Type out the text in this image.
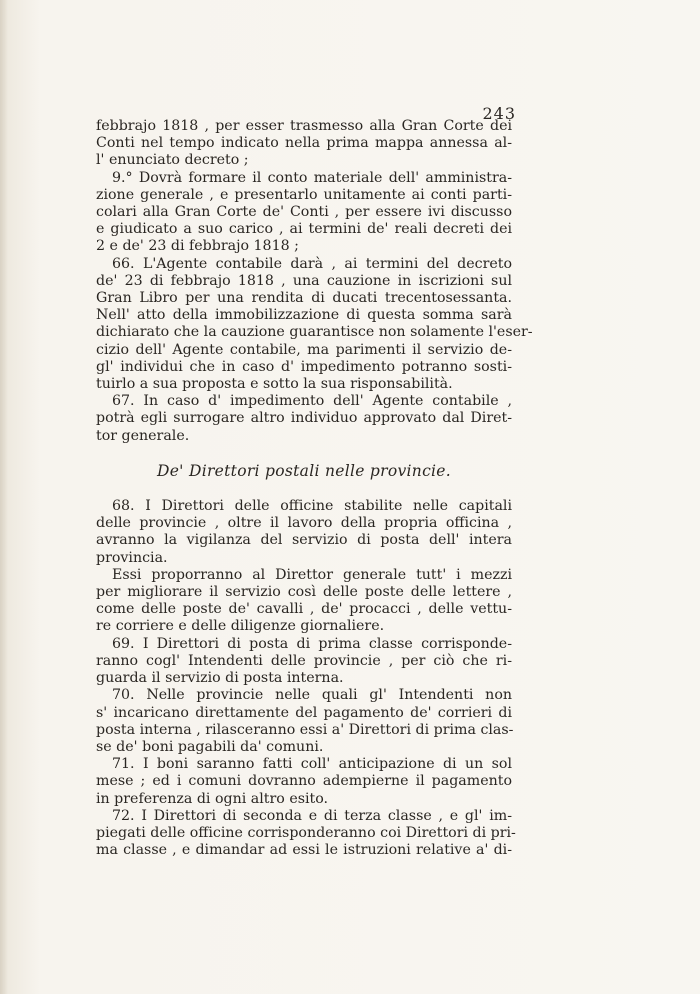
243
febbrajo 1818 , per esser trasmesso alla Gran Corte dei
Conti nel tempo indicato nella prima mappa annessa al-
l' enunciato decreto ;
9.° Dovrà formare il conto materiale dell' amministra-
zione generale , e presentarlo unitamente ai conti parti-
colari alla Gran Corte de' Conti , per essere ivi discusso
e giudicato a suo carico , ai termini de' reali decreti dei
2 e de' 23 di febbrajo 1818 ;
66. L'Agente contabile darà , ai termini del decreto
de' 23 di febbrajo 1818 , una cauzione in iscrizioni sul
Gran Libro per una rendita di ducati trecentosessanta.
Nell' atto della immobilizzazione di questa somma sarà
dichiarato che la cauzione guarantisce non solamente l'eser-
cizio dell' Agente contabile, ma parimenti il servizio de-
gl' individui che in caso d' impedimento potranno sosti-
tuirlo a sua proposta e sotto la sua risponsabilità.
67. In caso d' impedimento dell' Agente contabile ,
potrà egli surrogare altro individuo approvato dal Diret-
tor generale.
De' Direttori postali nelle provincie.
68. I Direttori delle officine stabilite nelle capitali
delle provincie , oltre il lavoro della propria officina ,
avranno la vigilanza del servizio di posta dell' intera
provincia.
Essi proporranno al Direttor generale tutt' i mezzi
per migliorare il servizio così delle poste delle lettere ,
come delle poste de' cavalli , de' procacci , delle vettu-
re corriere e delle diligenze giornaliere.
69. I Direttori di posta di prima classe corrisponde-
ranno cogl' Intendenti delle provincie , per ciò che ri-
guarda il servizio di posta interna.
70. Nelle provincie nelle quali gl' Intendenti non
s' incaricano direttamente del pagamento de' corrieri di
posta interna , rilasceranno essi a' Direttori di prima clas-
se de' boni pagabili da' comuni.
71. I boni saranno fatti coll' anticipazione di un sol
mese ; ed i comuni dovranno adempierne il pagamento
in preferenza di ogni altro esito.
72. I Direttori di seconda e di terza classe , e gl' im-
piegati delle officine corrisponderanno coi Direttori di pri-
ma classe , e dimandar ad essi le istruzioni relative a' di-
